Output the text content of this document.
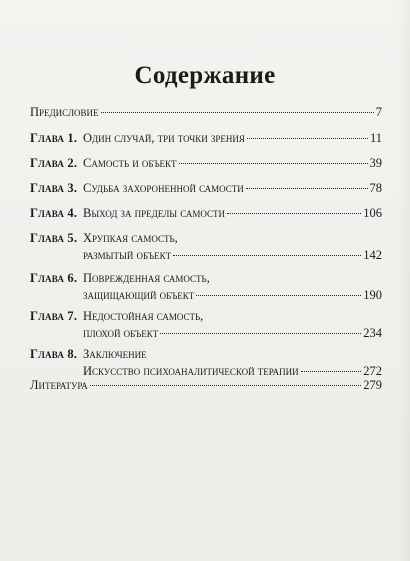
Содержание
Предисловие	7
Глава 1. Один случай, три точки зрения	11
Глава 2. Самость и объект	39
Глава 3. Судьба захороненной самости	78
Глава 4. Выход за пределы самости	106
Глава 5. Хрупкая самость,
размытый объект	142
Глава 6. Поврежденная самость,
защищающий объект	190
Глава 7. Недостойная самость,
плохой объект	234
Глава 8. Заключение
Искусство психоаналитической терапии	272
Литература	279
